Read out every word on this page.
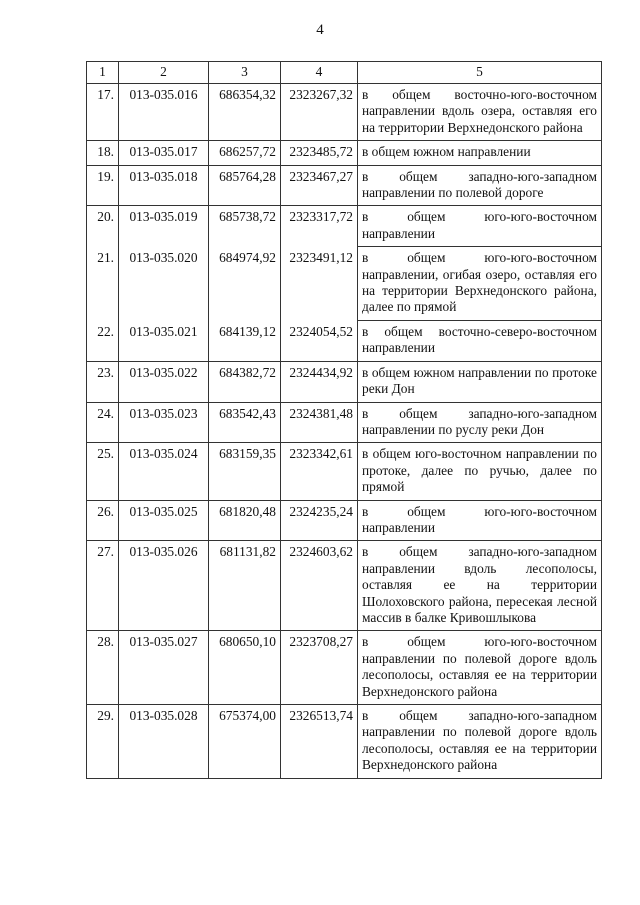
4
1	2	3	4	5
17.	013-035.016	686354,32	2323267,32	в общем восточно-юго-восточном направлении вдоль озера, оставляя его на территории Верхнедонского района
18.	013-035.017	686257,72	2323485,72	в общем южном направлении
19.	013-035.018	685764,28	2323467,27	в общем западно-юго-западном направлении по полевой дороге
20.	013-035.019	685738,72	2323317,72	в общем юго-юго-восточном направлении
21.	013-035.020	684974,92	2323491,12	в общем юго-юго-восточном направлении, огибая озеро, оставляя его на территории Верхнедонского района, далее по прямой
22.	013-035.021	684139,12	2324054,52	в общем восточно-северо-восточном направлении
23.	013-035.022	684382,72	2324434,92	в общем южном направлении по протоке реки Дон
24.	013-035.023	683542,43	2324381,48	в общем западно-юго-западном направлении по руслу реки Дон
25.	013-035.024	683159,35	2323342,61	в общем юго-восточном направлении по протоке, далее по ручью, далее по прямой
26.	013-035.025	681820,48	2324235,24	в общем юго-юго-восточном направлении
27.	013-035.026	681131,82	2324603,62	в общем западно-юго-западном направлении вдоль лесополосы, оставляя ее на территории Шолоховского района, пересекая лесной массив в балке Кривошлыкова
28.	013-035.027	680650,10	2323708,27	в общем юго-юго-восточном направлении по полевой дороге вдоль лесополосы, оставляя ее на территории Верхнедонского района
29.	013-035.028	675374,00	2326513,74	в общем западно-юго-западном направлении по полевой дороге вдоль лесополосы, оставляя ее на территории Верхнедонского района
